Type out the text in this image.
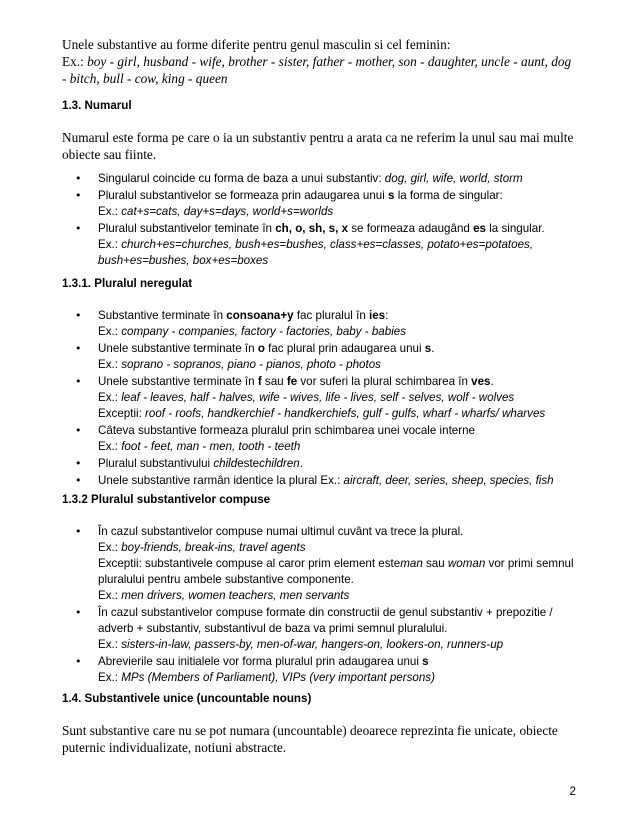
Unele substantive au forme diferite pentru genul masculin si cel feminin:
Ex.: boy - girl, husband - wife, brother - sister, father - mother, son - daughter, uncle - aunt, dog - bitch, bull - cow, king - queen
1.3. Numarul
Numarul este forma pe care o ia un substantiv pentru a arata ca ne referim la unul sau mai multe obiecte sau fiinte.
• Singularul coincide cu forma de baza a unui substantiv: dog, girl, wife, world, storm
• Pluralul substantivelor se formeaza prin adaugarea unui s la forma de singular:
Ex.: cat+s=cats, day+s=days, world+s=worlds
• Pluralul substantivelor teminate în ch, o, sh, s, x se formeaza adaugând es la singular.
Ex.: church+es=churches, bush+es=bushes, class+es=classes, potato+es=potatoes, bush+es=bushes, box+es=boxes
1.3.1. Pluralul neregulat
• Substantive terminate în consoana+y fac pluralul în ies:
Ex.: company - companies, factory - factories, baby - babies
• Unele substantive terminate în o fac plural prin adaugarea unui s.
Ex.: soprano - sopranos, piano - pianos, photo - photos
• Unele substantive terminate în f sau fe vor suferi la plural schimbarea în ves.
Ex.: leaf - leaves, half - halves, wife - wives, life - lives, self - selves, wolf - wolves
Exceptii: roof - roofs, handkerchief - handkerchiefs, gulf - gulfs, wharf - wharfs/ wharves
• Câteva substantive formeaza pluralul prin schimbarea unei vocale interne
Ex.: foot - feet, man - men, tooth - teeth
• Pluralul substantivului childestechildren.
• Unele substantive rarmân identice la plural Ex.: aircraft, deer, series, sheep, species, fish
1.3.2 Pluralul substantivelor compuse
• În cazul substantivelor compuse numai ultimul cuvânt va trece la plural.
Ex.: boy-friends, break-ins, travel agents
Exceptii: substantivele compuse al caror prim element esteman sau woman vor primi semnul pluralului pentru ambele substantive componente.
Ex.: men drivers, women teachers, men servants
• În cazul substantivelor compuse formate din constructii de genul substantiv + prepozitie / adverb + substantiv, substantivul de baza va primi semnul pluralului.
Ex.: sisters-in-law, passers-by, men-of-war, hangers-on, lookers-on, runners-up
• Abrevierile sau initialele vor forma pluralul prin adaugarea unui s
Ex.: MPs (Members of Parliament), VIPs (very important persons)
1.4. Substantivele unice (uncountable nouns)
Sunt substantive care nu se pot numara (uncountable) deoarece reprezinta fie unicate, obiecte puternic individualizate, notiuni abstracte.
2
